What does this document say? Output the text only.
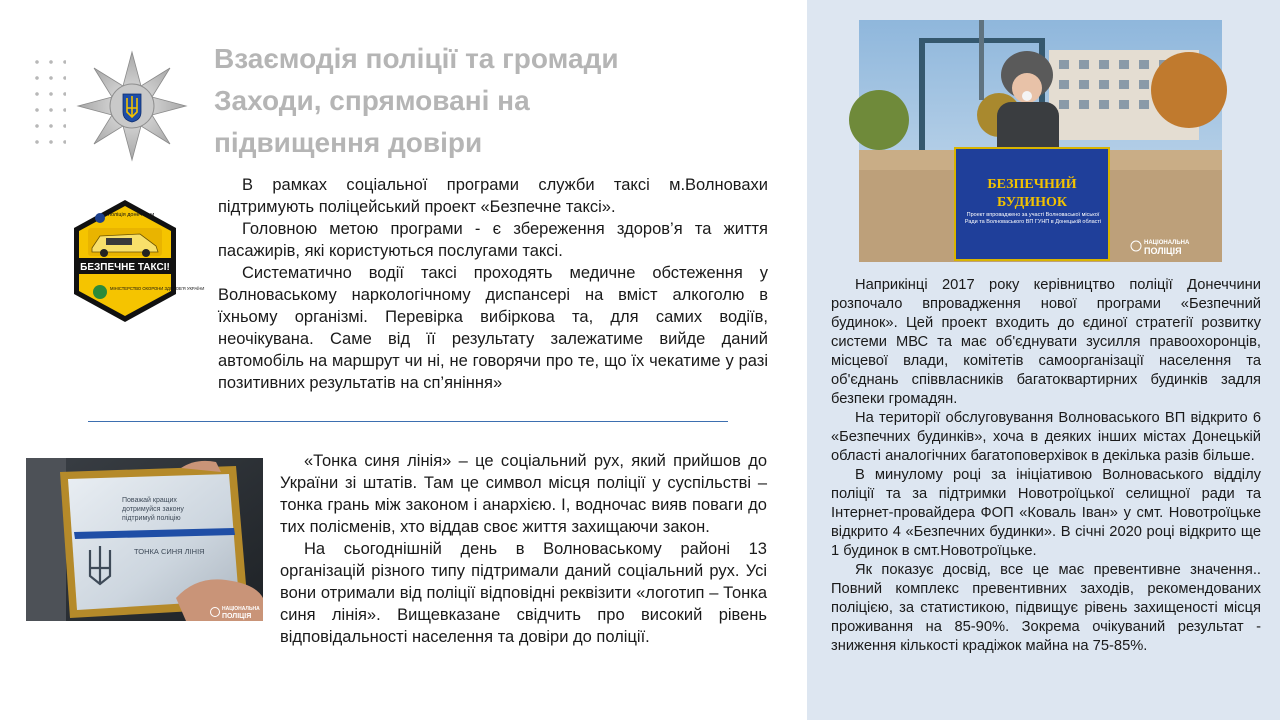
Взаємодія поліції та громади
Заходи, спрямовані на
підвищення довіри
поліція донеччини
БЕЗПЕЧНЕ ТАКСІ!
МІНІСТЕРСТВО ОХОРОНИ ЗДОРОВ'Я УКРАЇНИ

В рамках соціальної програми служби таксі м.Волновахи підтримують поліцейський проект «Безпечне таксі».

Головною метою програми - є збереження здоров’я та життя пасажирів, які користуються послугами таксі.

Систематично водії таксі проходять медичне обстеження у Волноваському наркологічному диспансері на вміст алкоголю в їхньому організмі. Перевірка вибіркова та, для самих водіїв, неочікувана. Саме від її результату залежатиме вийде даний автомобіль на маршрут чи ні, не говорячи про те, що їх чекатиме у разі позитивних результатів на сп’яніння»

Поважай кращих
дотримуйся закону
підтримуй поліцію
ТОНКА СИНЯ ЛІНІЯ
НАЦІОНАЛЬНА
ПОЛІЦІЯ

«Тонка синя лінія» – це соціальний рух, який прийшов до України зі штатів. Там це символ місця поліції у суспільстві – тонка грань між законом і анархією. І, водночас вияв поваги до тих полісменів, хто віддав своє життя захищаючи закон.

На сьогоднішній день в Волноваському районі 13 організацій різного типу підтримали даний соціальний рух. Усі вони отримали від поліції відповідні реквізити «логотип – Тонка синя лінія». Вищевказане свідчить про високий рівень відповідальності населення та довіри до поліції.

БЕЗПЕЧНИЙ
БУДИНОК
Проект впроваджено за участі Волноваської міської Ради та Волноваського ВП ГУНП в Донецькій області
НАЦІОНАЛЬНА
ПОЛІЦІЯ

Наприкінці 2017 року керівництво поліції Донеччини розпочало впровадження нової програми «Безпечний будинок». Цей проект входить до єдиної стратегії розвитку системи МВС та має об'єднувати зусилля правоохоронців, місцевої влади, комітетів самоорганізації населення та об'єднань співвласників багатоквартирних будинків задля безпеки громадян.

На території обслуговування Волноваського ВП відкрито 6 «Безпечних будинків», хоча в деяких інших містах Донецькій області аналогічних багатоповерхівок в декілька разів більше.

В минулому році за ініціативою Волноваського відділу поліції та за підтримки Новотроїцької селищної ради та Інтернет-провайдера ФОП «Коваль Іван» у смт. Новотроїцьке відкрито 4 «Безпечних будинки». В січні 2020 році відкрито ще 1 будинок в смт.Новотроїцьке.

Як показує досвід, все це має превентивне значення.. Повний комплекс превентивних заходів, рекомендованих поліцією, за статистикою, підвищує рівень захищеності місця проживання на 85-90%. Зокрема очікуваний результат - зниження кількості крадіжок майна на 75-85%.
